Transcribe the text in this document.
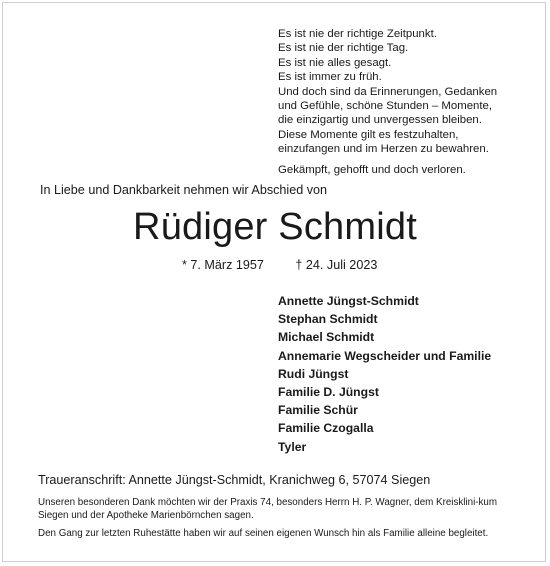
Es ist nie der richtige Zeitpunkt.
Es ist nie der richtige Tag.
Es ist nie alles gesagt.
Es ist immer zu früh.
Und doch sind da Erinnerungen, Gedanken
und Gefühle, schöne Stunden – Momente,
die einzigartig und unvergessen bleiben.
Diese Momente gilt es festzuhalten,
einzufangen und im Herzen zu bewahren.
Gekämpft, gehofft und doch verloren.
In Liebe und Dankbarkeit nehmen wir Abschied von
Rüdiger Schmidt
* 7. März 1957	† 24. Juli 2023
Annette Jüngst-Schmidt
Stephan Schmidt
Michael Schmidt
Annemarie Wegscheider und Familie
Rudi Jüngst
Familie D. Jüngst
Familie Schür
Familie Czogalla
Tyler
Traueranschrift: Annette Jüngst-Schmidt, Kranichweg 6, 57074 Siegen
Unseren besonderen Dank möchten wir der Praxis 74, besonders Herrn H. P. Wagner, dem Kreisklini-kum Siegen und der Apotheke Marienbörnchen sagen.
Den Gang zur letzten Ruhestätte haben wir auf seinen eigenen Wunsch hin als Familie alleine begleitet.
